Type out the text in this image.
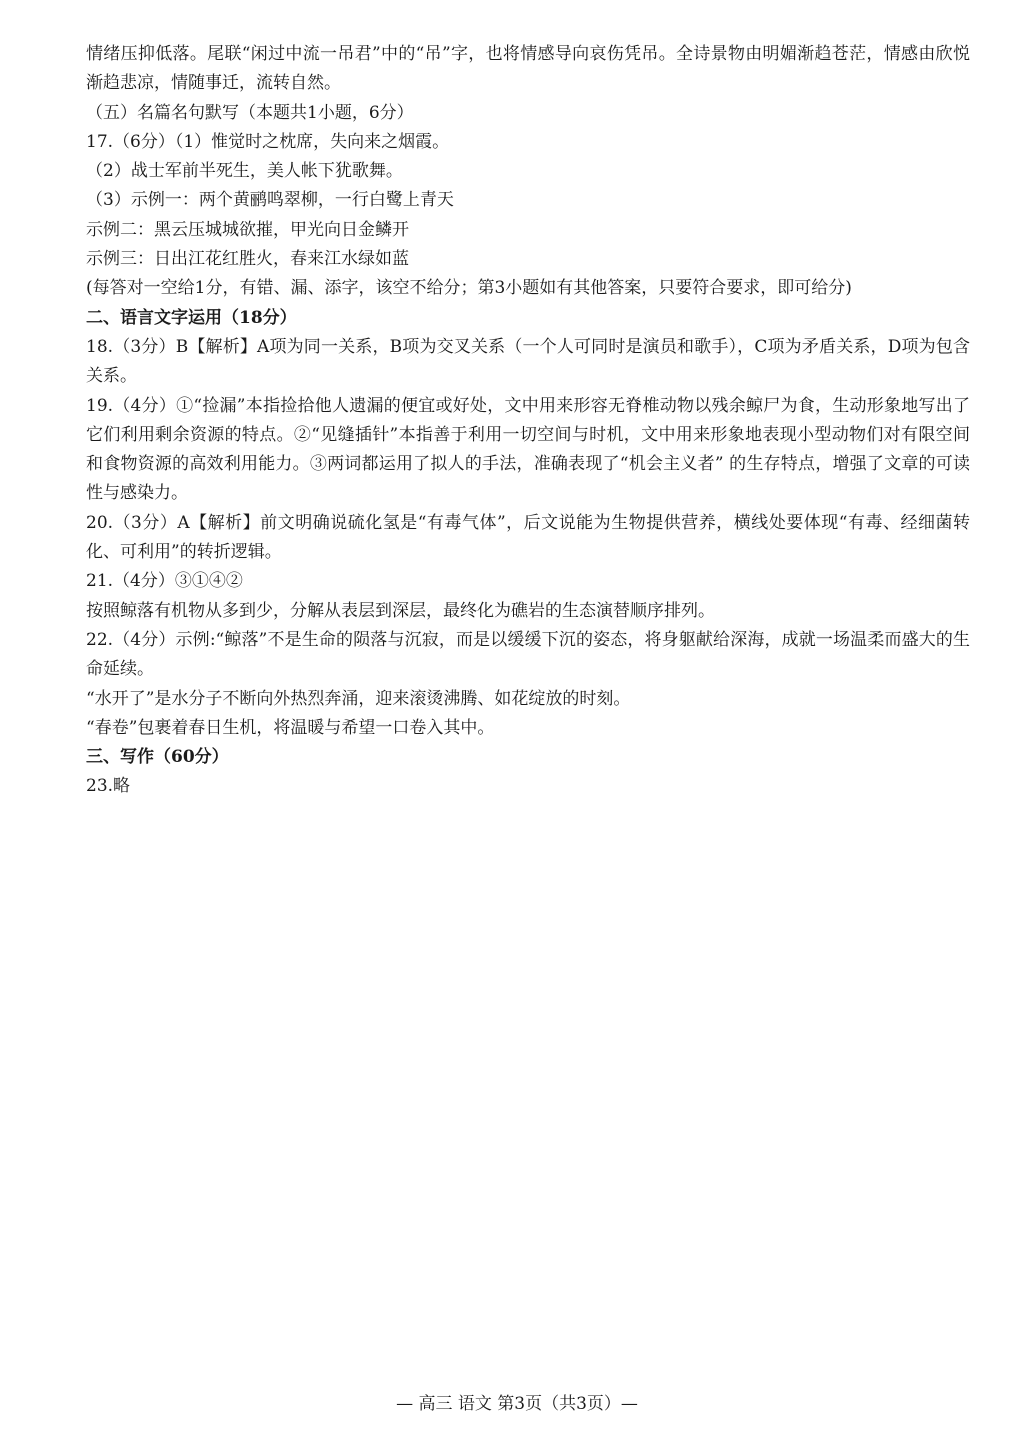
情绪压抑低落。尾联“闲过中流一吊君”中的“吊”字，也将情感导向哀伤凭吊。全诗景物由明媚渐趋苍茫，情感由欣悦渐趋悲凉，情随事迁，流转自然。

（五）名篇名句默写（本题共1小题，6分）

17.（6分）（1）惟觉时之枕席，失向来之烟霞。

（2）战士军前半死生，美人帐下犹歌舞。

（3）示例一：两个黄鹂鸣翠柳，一行白鹭上青天

示例二：黑云压城城欲摧，甲光向日金鳞开

示例三：日出江花红胜火，春来江水绿如蓝

(每答对一空给1分，有错、漏、添字，该空不给分；第3小题如有其他答案，只要符合要求，即可给分)

二、语言文字运用（18分）

18.（3分）B【解析】A项为同一关系，B项为交叉关系（一个人可同时是演员和歌手），C项为矛盾关系，D项为包含关系。

19.（4分）①“捡漏”本指捡拾他人遗漏的便宜或好处，文中用来形容无脊椎动物以残余鲸尸为食，生动形象地写出了它们利用剩余资源的特点。②“见缝插针”本指善于利用一切空间与时机，文中用来形象地表现小型动物们对有限空间和食物资源的高效利用能力。③两词都运用了拟人的手法，准确表现了“机会主义者” 的生存特点，增强了文章的可读性与感染力。

20.（3分）A【解析】前文明确说硫化氢是“有毒气体”，后文说能为生物提供营养，横线处要体现“有毒、经细菌转化、可利用”的转折逻辑。

21.（4分）③①④②

按照鲸落有机物从多到少，分解从表层到深层，最终化为礁岩的生态演替顺序排列。

22.（4分）示例:“鲸落”不是生命的陨落与沉寂，而是以缓缓下沉的姿态，将身躯献给深海，成就一场温柔而盛大的生命延续。

“水开了”是水分子不断向外热烈奔涌，迎来滚烫沸腾、如花绽放的时刻。

“春卷”包裹着春日生机，将温暖与希望一口卷入其中。

三、写作（60分）

23.略

— 高三 语文 第3页（共3页）—
